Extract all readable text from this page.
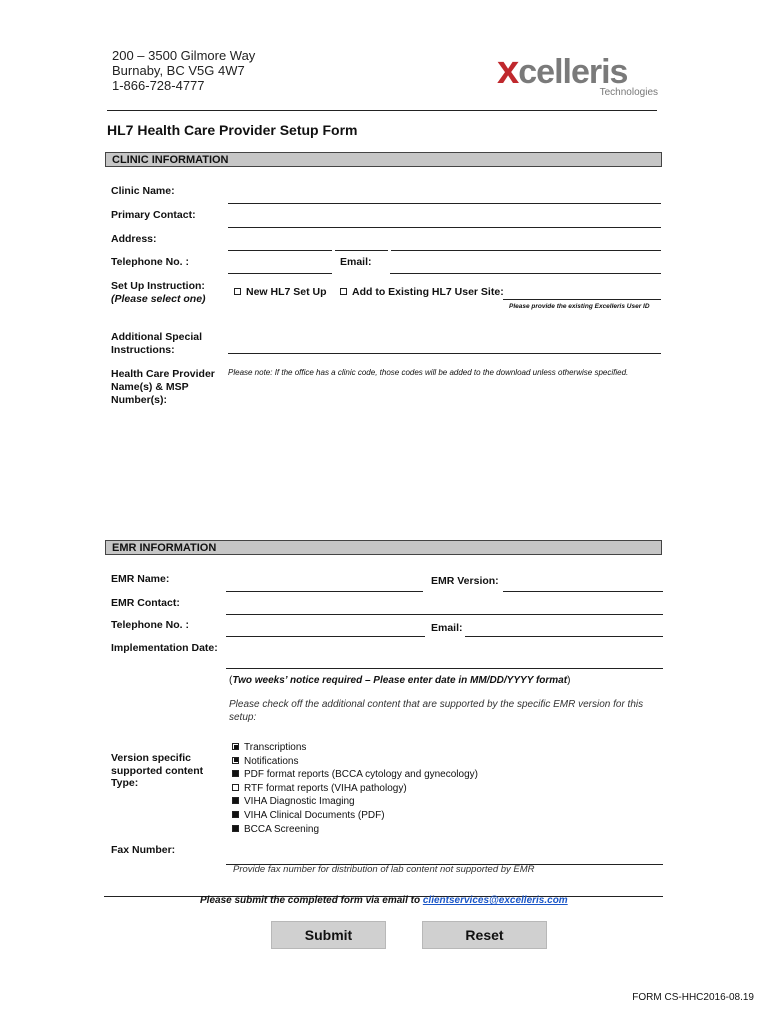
200 – 3500 Gilmore Way
Burnaby, BC V5G 4W7
1-866-728-4777	xcelleris
Technologies
HL7 Health Care Provider Setup Form
CLINIC INFORMATION
Clinic Name:
Primary Contact:
Address:
Telephone No. :	Email:
Set Up Instruction:
(Please select one)
New HL7 Set Up	Add to Existing HL7 User Site:
Please provide the existing Excelleris User ID
Additional Special
Instructions:
Health Care Provider
Name(s) & MSP
Number(s):
Please note: If the office has a clinic code, those codes will be added to the download unless otherwise specified.
EMR INFORMATION
EMR Name:	EMR Version:
EMR Contact:
Telephone No. :	Email:
Implementation Date:
(Two weeks’ notice required – Please enter date in MM/DD/YYYY format)
Please check off the additional content that are supported by the specific EMR version for this setup:
Version specific
supported content
Type:
Transcriptions
Notifications
PDF format reports (BCCA cytology and gynecology)
RTF format reports (VIHA pathology)
VIHA Diagnostic Imaging
VIHA Clinical Documents (PDF)
BCCA Screening
Fax Number:
Provide fax number for distribution of lab content not supported by EMR
Please submit the completed form via email to clientservices@excelleris.com
Submit	Reset
FORM CS-HHC2016-08.19
